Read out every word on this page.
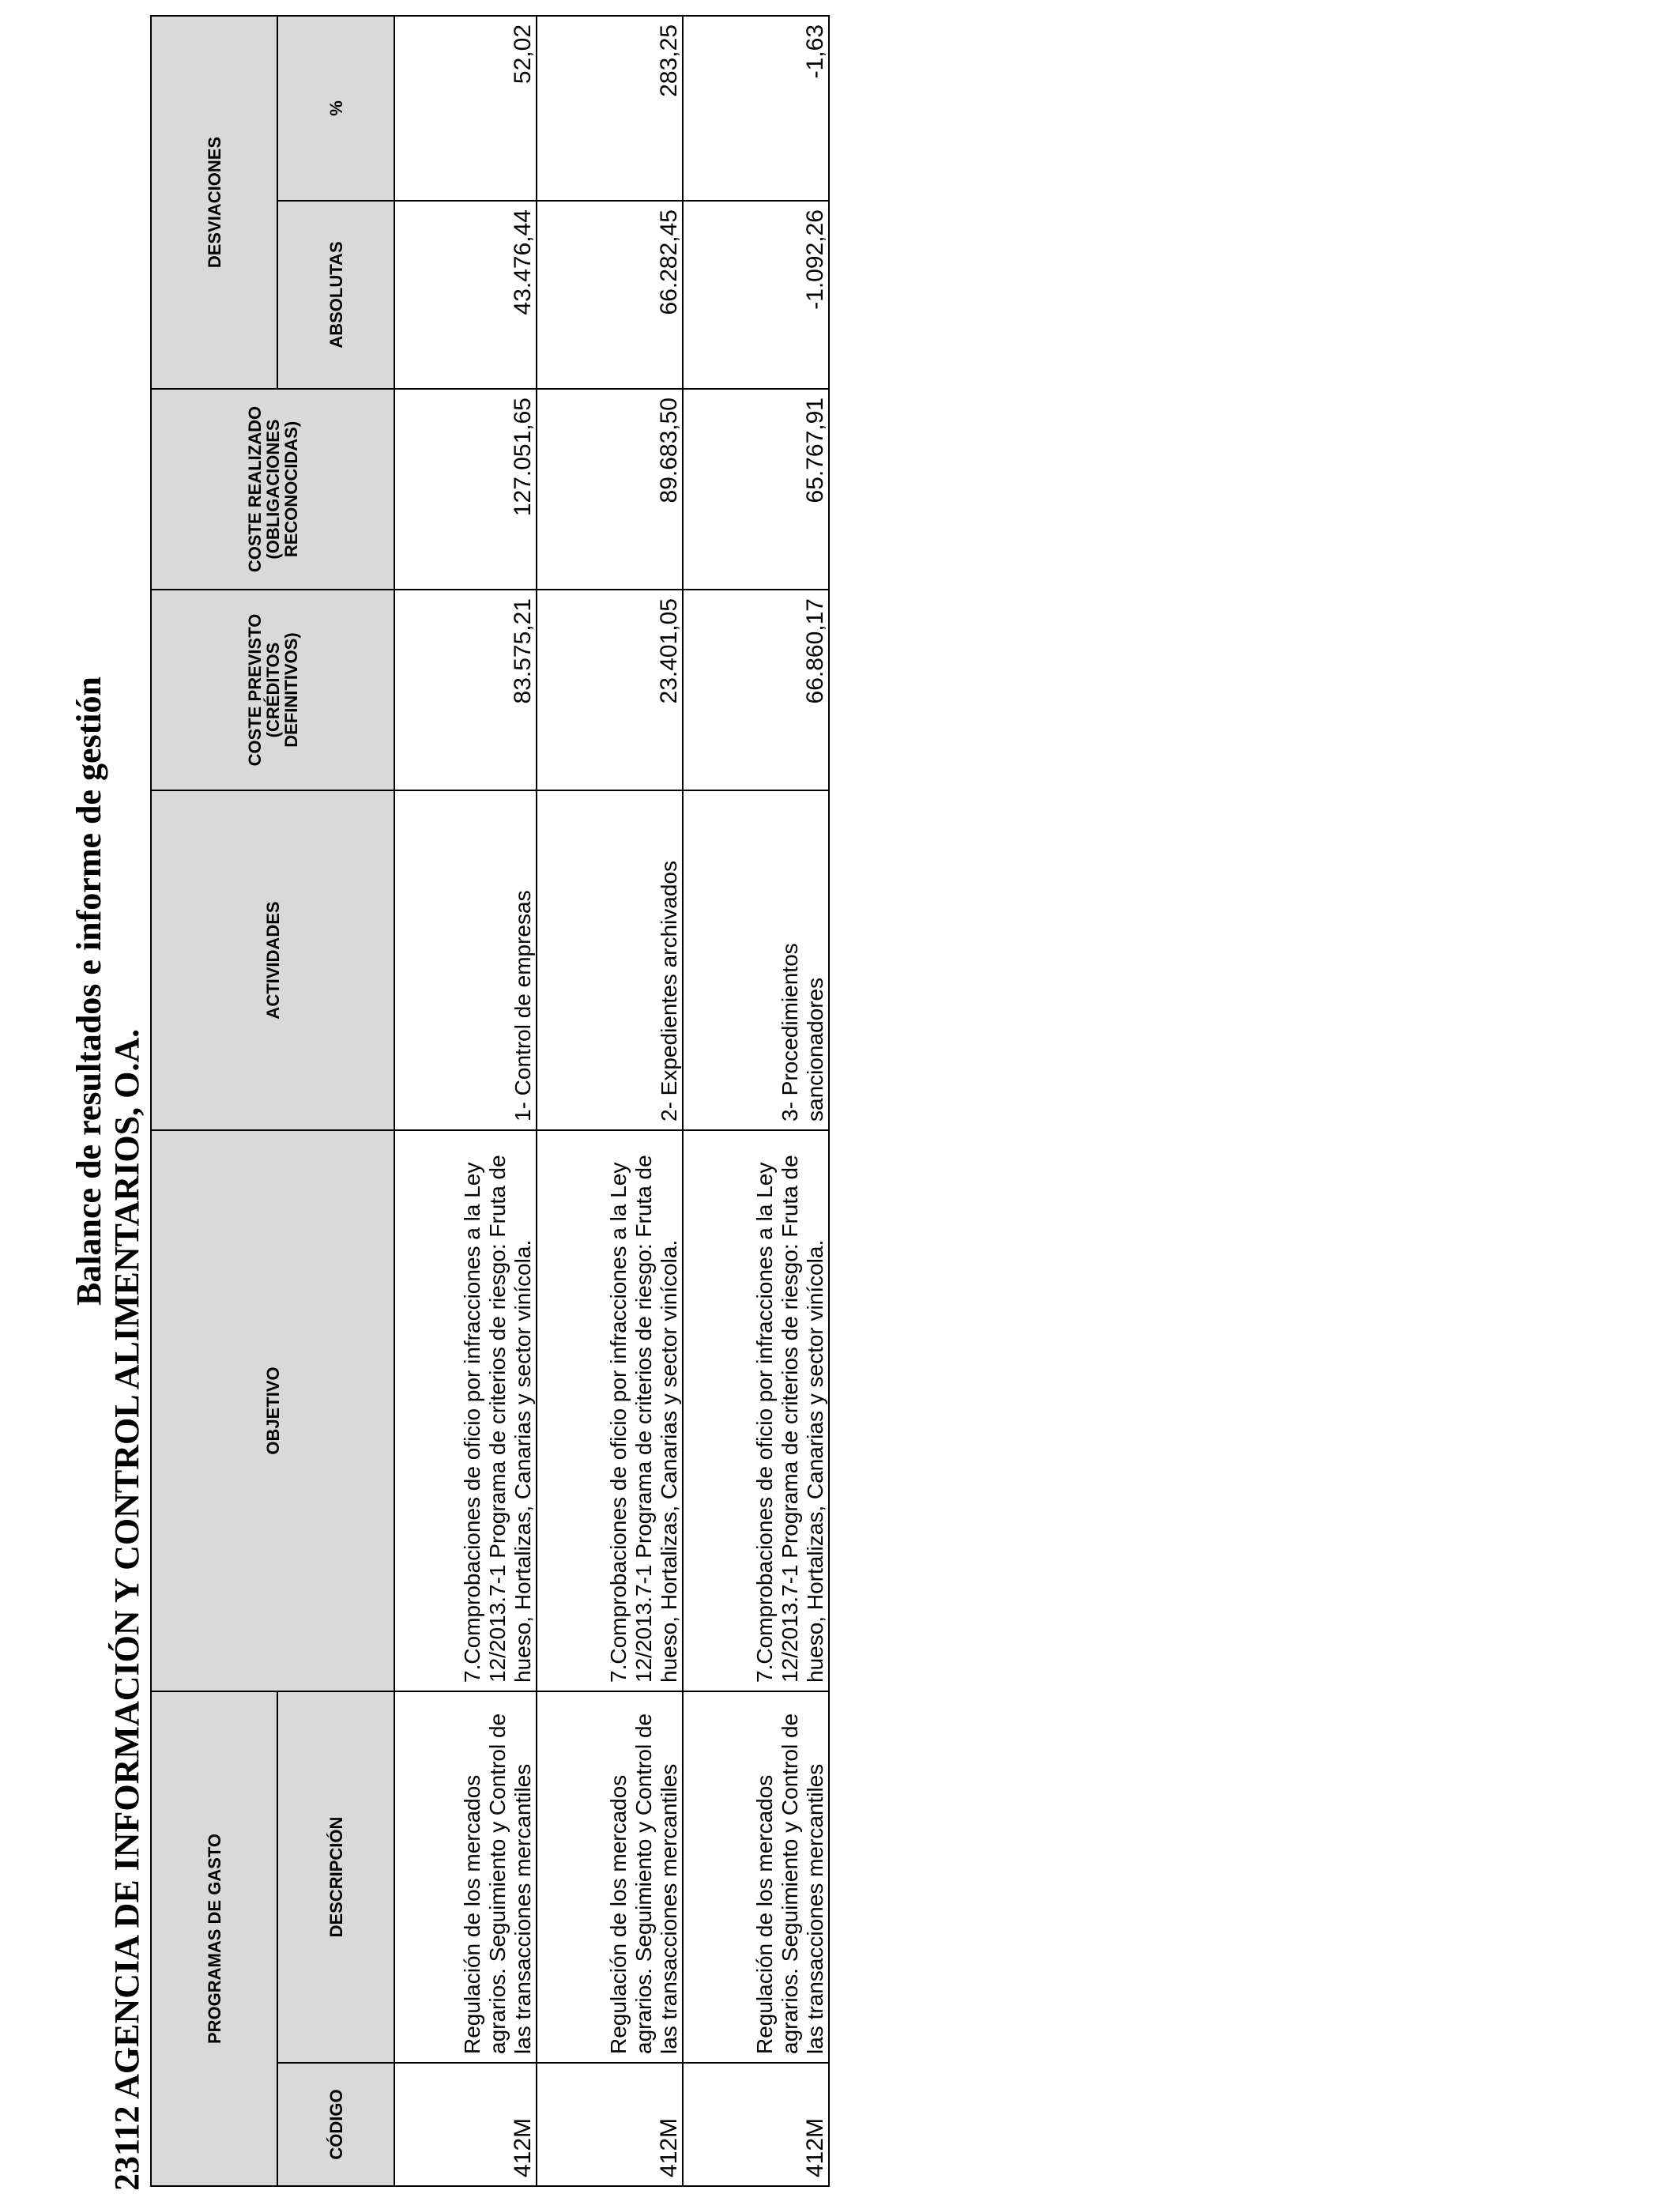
Balance de resultados e informe de gestión
23112 AGENCIA DE INFORMACIÓN Y CONTROL ALIMENTARIOS, O.A.	PROGRAMAS DE GASTO		OBJETIVO	ACTIVIDADES	COSTE PREVISTO (CRÉDITOS DEFINITIVOS)	COSTE REALIZADO (OBLIGACIONES RECONOCIDAS)	DESVIACIONES	
CÓDIGO	DESCRIPCIÓN					ABSOLUTAS	%
412M	Regulación de los mercados agrarios. Seguimiento y Control de las transacciones mercantiles	7.Comprobaciones de oficio por infracciones a la Ley 12/2013.7-1 Programa de criterios de riesgo: Fruta de hueso, Hortalizas, Canarias y sector vinícola.	1- Control de empresas	83.575,21	127.051,65	43.476,44	52,02
412M	Regulación de los mercados agrarios. Seguimiento y Control de las transacciones mercantiles	7.Comprobaciones de oficio por infracciones a la Ley 12/2013.7-1 Programa de criterios de riesgo: Fruta de hueso, Hortalizas, Canarias y sector vinícola.	2- Expedientes archivados	23.401,05	89.683,50	66.282,45	283,25
412M	Regulación de los mercados agrarios. Seguimiento y Control de las transacciones mercantiles	7.Comprobaciones de oficio por infracciones a la Ley 12/2013.7-1 Programa de criterios de riesgo: Fruta de hueso, Hortalizas, Canarias y sector vinícola.	3- Procedimientos sancionadores	66.860,17	65.767,91	-1.092,26	-1,63
